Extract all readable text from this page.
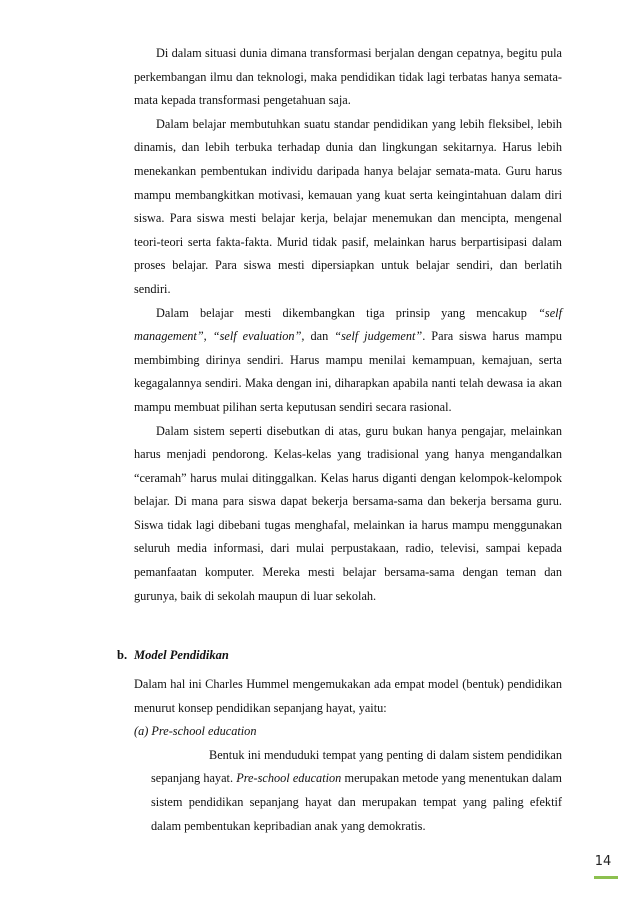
Di dalam situasi dunia dimana transformasi berjalan dengan cepatnya, begitu pula perkembangan ilmu dan teknologi, maka pendidikan tidak lagi terbatas hanya semata-mata kepada transformasi pengetahuan saja.

Dalam belajar membutuhkan suatu standar pendidikan yang lebih fleksibel, lebih dinamis, dan lebih terbuka terhadap dunia dan lingkungan sekitarnya. Harus lebih menekankan pembentukan individu daripada hanya belajar semata-mata. Guru harus mampu membangkitkan motivasi, kemauan yang kuat serta keingintahuan dalam diri siswa. Para siswa mesti belajar kerja, belajar menemukan dan mencipta, mengenal teori-teori serta fakta-fakta. Murid tidak pasif, melainkan harus berpartisipasi dalam proses belajar. Para siswa mesti dipersiapkan untuk belajar sendiri, dan berlatih sendiri.

Dalam belajar mesti dikembangkan tiga prinsip yang mencakup “self management”, “self evaluation”, dan “self judgement”. Para siswa harus mampu membimbing dirinya sendiri. Harus mampu menilai kemampuan, kemajuan, serta kegagalannya sendiri. Maka dengan ini, diharapkan apabila nanti telah dewasa ia akan mampu membuat pilihan serta keputusan sendiri secara rasional.

Dalam sistem seperti disebutkan di atas, guru bukan hanya pengajar, melainkan harus menjadi pendorong. Kelas-kelas yang tradisional yang hanya mengandalkan “ceramah” harus mulai ditinggalkan. Kelas harus diganti dengan kelompok-kelompok belajar. Di mana para siswa dapat bekerja bersama-sama dan bekerja bersama guru. Siswa tidak lagi dibebani tugas menghafal, melainkan ia harus mampu menggunakan seluruh media informasi, dari mulai perpustakaan, radio, televisi, sampai kepada pemanfaatan komputer. Mereka mesti belajar bersama-sama dengan teman dan gurunya, baik di sekolah maupun di luar sekolah.

b. Model Pendidikan

Dalam hal ini Charles Hummel mengemukakan ada empat model (bentuk) pendidikan menurut konsep pendidikan sepanjang hayat, yaitu:

(a) Pre-school education

Bentuk ini menduduki tempat yang penting di dalam sistem pendidikan sepanjang hayat. Pre-school education merupakan metode yang menentukan dalam sistem pendidikan sepanjang hayat dan merupakan tempat yang paling efektif dalam pembentukan kepribadian anak yang demokratis.

14
